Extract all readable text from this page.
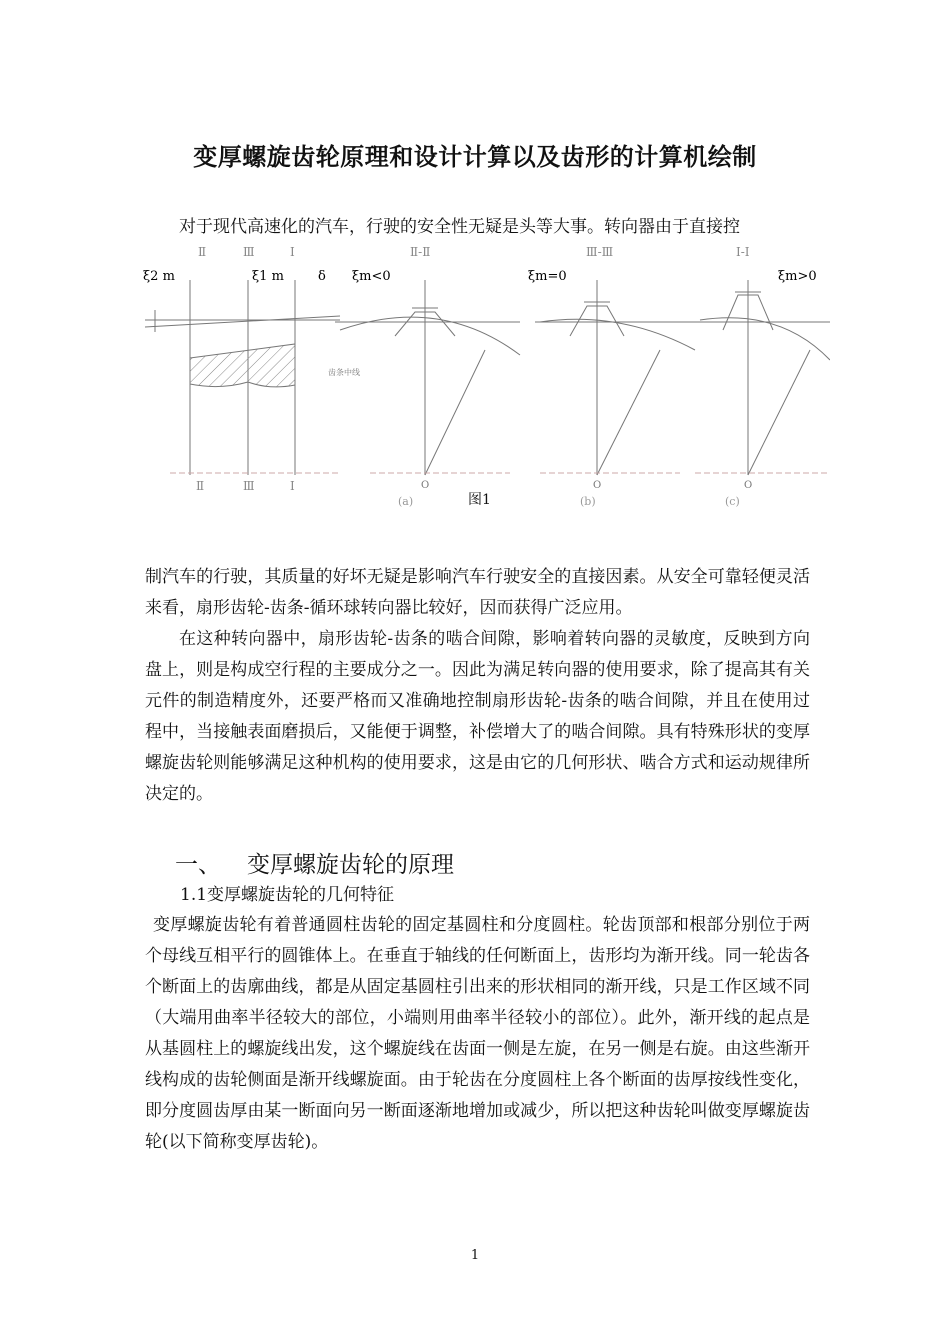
变厚螺旋齿轮原理和设计计算以及齿形的计算机绘制
对于现代高速化的汽车，行驶的安全性无疑是头等大事。转向器由于直接控
Ⅱ	Ⅲ	Ⅰ
ξ2 m	ξ1 m	δ ξm<0
Ⅱ-Ⅱ
ξm=0
Ⅲ-Ⅲ
ξm>0
Ⅰ-Ⅰ
齿条中线
O
(a)	图1
O
(b)
O
(c)
Ⅱ	Ⅲ	Ⅰ
制汽车的行驶，其质量的好坏无疑是影响汽车行驶安全的直接因素。从安全可靠轻便灵活来看，扇形齿轮-齿条-循环球转向器比较好，因而获得广泛应用。
在这种转向器中，扇形齿轮-齿条的啮合间隙，影响着转向器的灵敏度，反映到方向盘上，则是构成空行程的主要成分之一。因此为满足转向器的使用要求，除了提高其有关元件的制造精度外，还要严格而又准确地控制扇形齿轮-齿条的啮合间隙，并且在使用过程中，当接触表面磨损后，又能便于调整，补偿增大了的啮合间隙。具有特殊形状的变厚螺旋齿轮则能够满足这种机构的使用要求，这是由它的几何形状、啮合方式和运动规律所决定的。
一、 变厚螺旋齿轮的原理
1.1变厚螺旋齿轮的几何特征
变厚螺旋齿轮有着普通圆柱齿轮的固定基圆柱和分度圆柱。轮齿顶部和根部分别位于两个母线互相平行的圆锥体上。在垂直于轴线的任何断面上，齿形均为渐开线。同一轮齿各个断面上的齿廓曲线，都是从固定基圆柱引出来的形状相同的渐开线，只是工作区域不同（大端用曲率半径较大的部位，小端则用曲率半径较小的部位）。此外，渐开线的起点是从基圆柱上的螺旋线出发，这个螺旋线在齿面一侧是左旋，在另一侧是右旋。由这些渐开线构成的齿轮侧面是渐开线螺旋面。由于轮齿在分度圆柱上各个断面的齿厚按线性变化，即分度圆齿厚由某一断面向另一断面逐渐地增加或减少，所以把这种齿轮叫做变厚螺旋齿轮(以下简称变厚齿轮)。
1
